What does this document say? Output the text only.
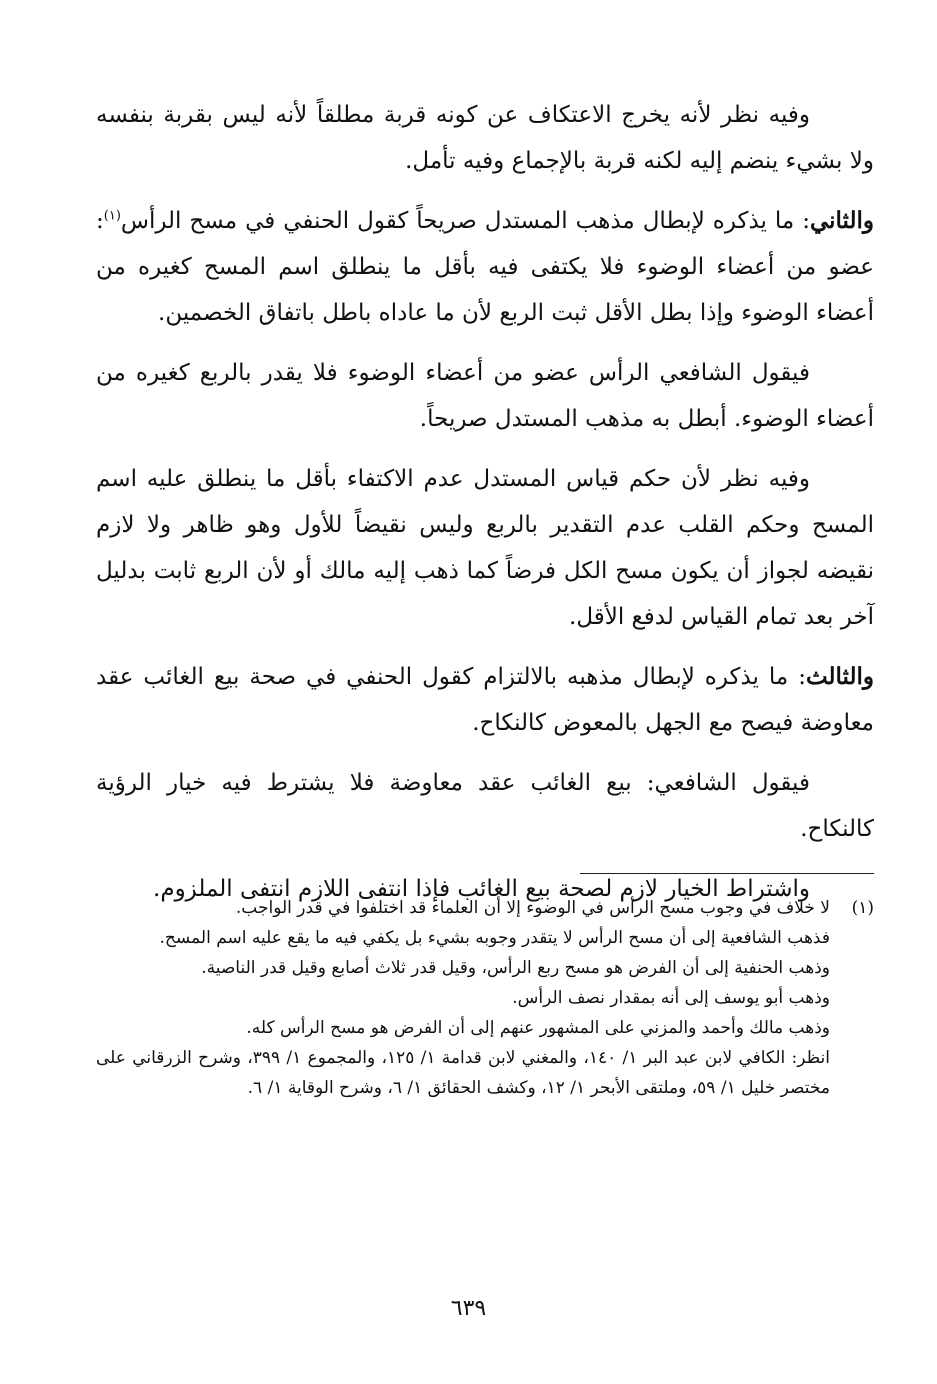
وفيه نظر لأنه يخرج الاعتكاف عن كونه قربة مطلقاً لأنه ليس بقربة بنفسه ولا بشيء ينضم إليه لكنه قربة بالإجماع وفيه تأمل.

والثاني: ما يذكره لإبطال مذهب المستدل صريحاً كقول الحنفي في مسح الرأس$^{(١)}$: عضو من أعضاء الوضوء فلا يكتفى فيه بأقل ما ينطلق اسم المسح كغيره من أعضاء الوضوء وإذا بطل الأقل ثبت الربع لأن ما عاداه باطل باتفاق الخصمين.

فيقول الشافعي الرأس عضو من أعضاء الوضوء فلا يقدر بالربع كغيره من أعضاء الوضوء. أبطل به مذهب المستدل صريحاً.

وفيه نظر لأن حكم قياس المستدل عدم الاكتفاء بأقل ما ينطلق عليه اسم المسح وحكم القلب عدم التقدير بالربع وليس نقيضاً للأول وهو ظاهر ولا لازم نقيضه لجواز أن يكون مسح الكل فرضاً كما ذهب إليه مالك أو لأن الربع ثابت بدليل آخر بعد تمام القياس لدفع الأقل.

والثالث: ما يذكره لإبطال مذهبه بالالتزام كقول الحنفي في صحة بيع الغائب عقد معاوضة فيصح مع الجهل بالمعوض كالنكاح.

فيقول الشافعي: بيع الغائب عقد معاوضة فلا يشترط فيه خيار الرؤية كالنكاح.

واشتراط الخيار لازم لصحة بيع الغائب فإذا انتفى اللازم انتفى الملزوم.

(١)لا خلاف في وجوب مسح الرأس في الوضوء إلا أن العلماء قد اختلفوا في قدر الواجب.

فذهب الشافعية إلى أن مسح الرأس لا يتقدر وجوبه بشيء بل يكفي فيه ما يقع عليه اسم المسح.

وذهب الحنفية إلى أن الفرض هو مسح ربع الرأس، وقيل قدر ثلاث أصابع وقيل قدر الناصية.

وذهب أبو يوسف إلى أنه بمقدار نصف الرأس.

وذهب مالك وأحمد والمزني على المشهور عنهم إلى أن الفرض هو مسح الرأس كله.

انظر: الكافي لابن عبد البر ١/ ١٤٠، والمغني لابن قدامة ١/ ١٢٥، والمجموع ١/ ٣٩٩، وشرح الزرقاني على مختصر خليل ١/ ٥٩، وملتقى الأبحر ١/ ١٢، وكشف الحقائق ١/ ٦، وشرح الوقاية ١/ ٦.

٦٣٩
